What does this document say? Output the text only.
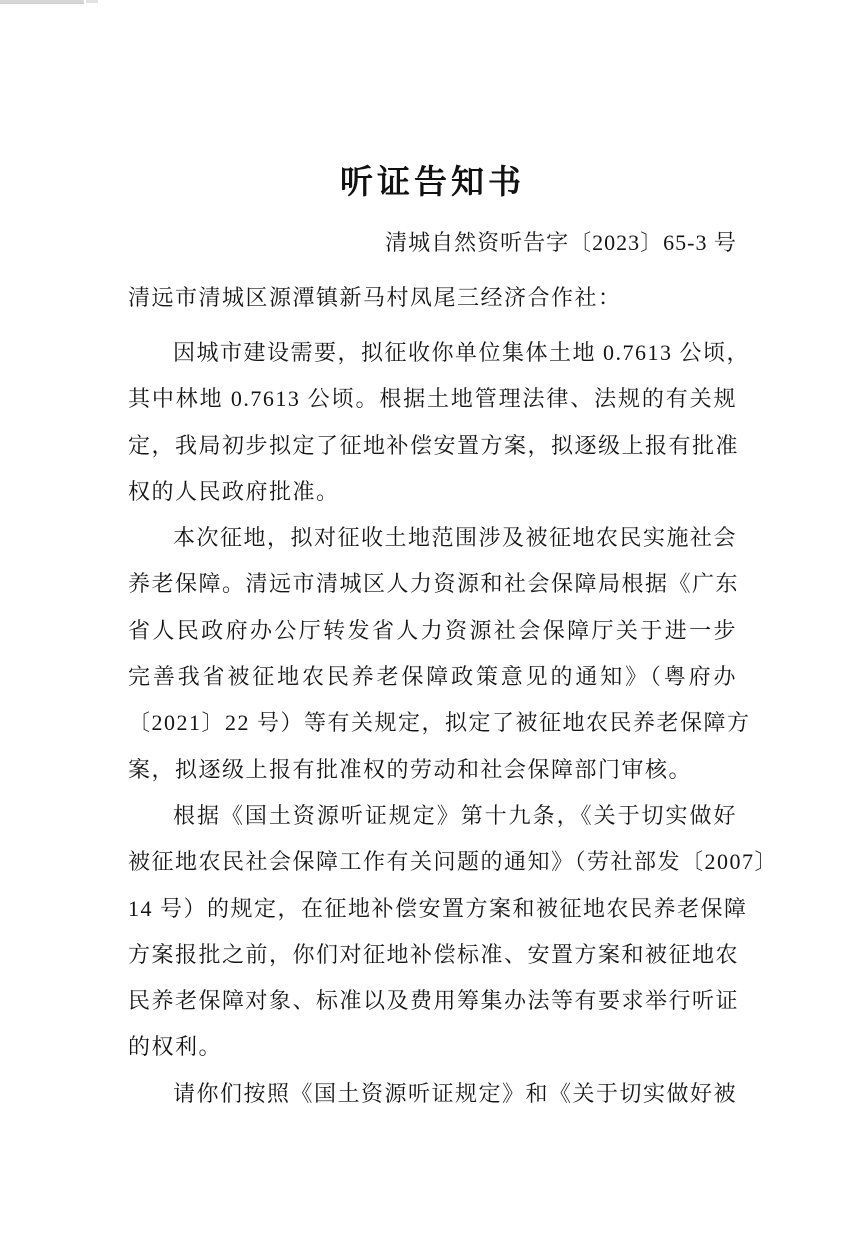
听证告知书
清城自然资听告字〔2023〕65-3 号
清远市清城区源潭镇新马村凤尾三经济合作社：
因城市建设需要，拟征收你单位集体土地 0.7613 公顷，
其中林地 0.7613 公顷。根据土地管理法律、法规的有关规
定，我局初步拟定了征地补偿安置方案，拟逐级上报有批准
权的人民政府批准。
本次征地，拟对征收土地范围涉及被征地农民实施社会
养老保障。清远市清城区人力资源和社会保障局根据《广东
省人民政府办公厅转发省人力资源社会保障厅关于进一步
完善我省被征地农民养老保障政策意见的通知》（粤府办
〔2021〕22 号）等有关规定，拟定了被征地农民养老保障方
案，拟逐级上报有批准权的劳动和社会保障部门审核。
根据《国土资源听证规定》第十九条，《关于切实做好
被征地农民社会保障工作有关问题的通知》（劳社部发〔2007〕
14 号）的规定，在征地补偿安置方案和被征地农民养老保障
方案报批之前，你们对征地补偿标准、安置方案和被征地农
民养老保障对象、标准以及费用筹集办法等有要求举行听证
的权利。
请你们按照《国土资源听证规定》和《关于切实做好被
